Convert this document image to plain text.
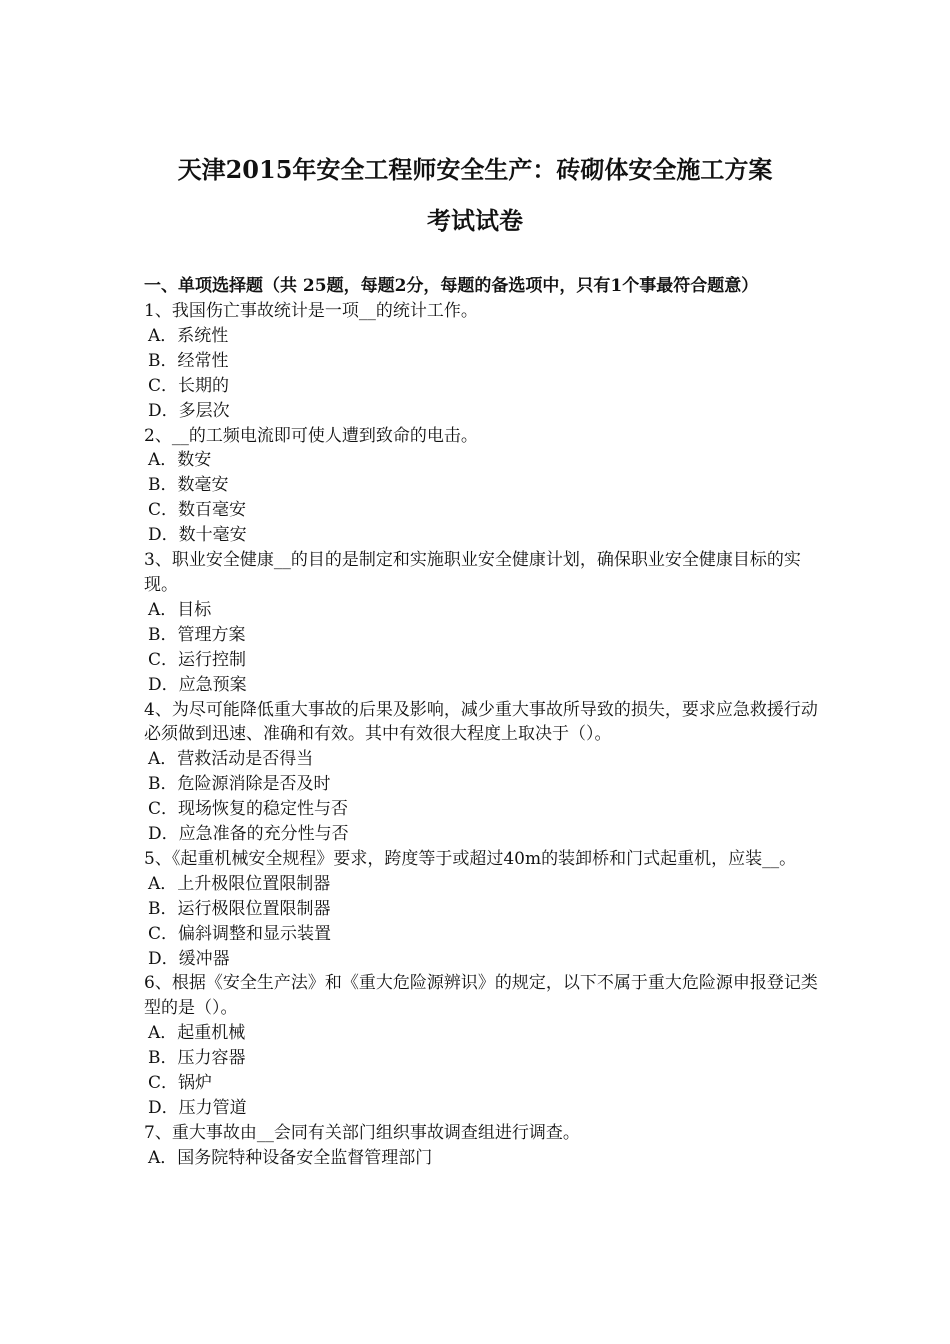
天津2015年安全工程师安全生产：砖砌体安全施工方案
考试试卷

一、单项选择题（共 25题，每题2分，每题的备选项中，只有1个事最符合题意）

1、我国伤亡事故统计是一项__的统计工作。

A．系统性
B．经常性
C．长期的
D．多层次

2、__的工频电流即可使人遭到致命的电击。

A．数安
B．数毫安
C．数百毫安
D．数十毫安

3、职业安全健康__的目的是制定和实施职业安全健康计划，确保职业安全健康目标的实现。

A．目标
B．管理方案
C．运行控制
D．应急预案

4、为尽可能降低重大事故的后果及影响，减少重大事故所导致的损失，要求应急救援行动必须做到迅速、准确和有效。其中有效很大程度上取决于（）。

A．营救活动是否得当
B．危险源消除是否及时
C．现场恢复的稳定性与否
D．应急准备的充分性与否

5、《起重机械安全规程》要求，跨度等于或超过40m的装卸桥和门式起重机，应装__。

A．上升极限位置限制器
B．运行极限位置限制器
C．偏斜调整和显示装置
D．缓冲器

6、根据《安全生产法》和《重大危险源辨识》的规定，以下不属于重大危险源申报登记类型的是（）。

A．起重机械
B．压力容器
C．锅炉
D．压力管道

7、重大事故由__会同有关部门组织事故调查组进行调查。

A．国务院特种设备安全监督管理部门
